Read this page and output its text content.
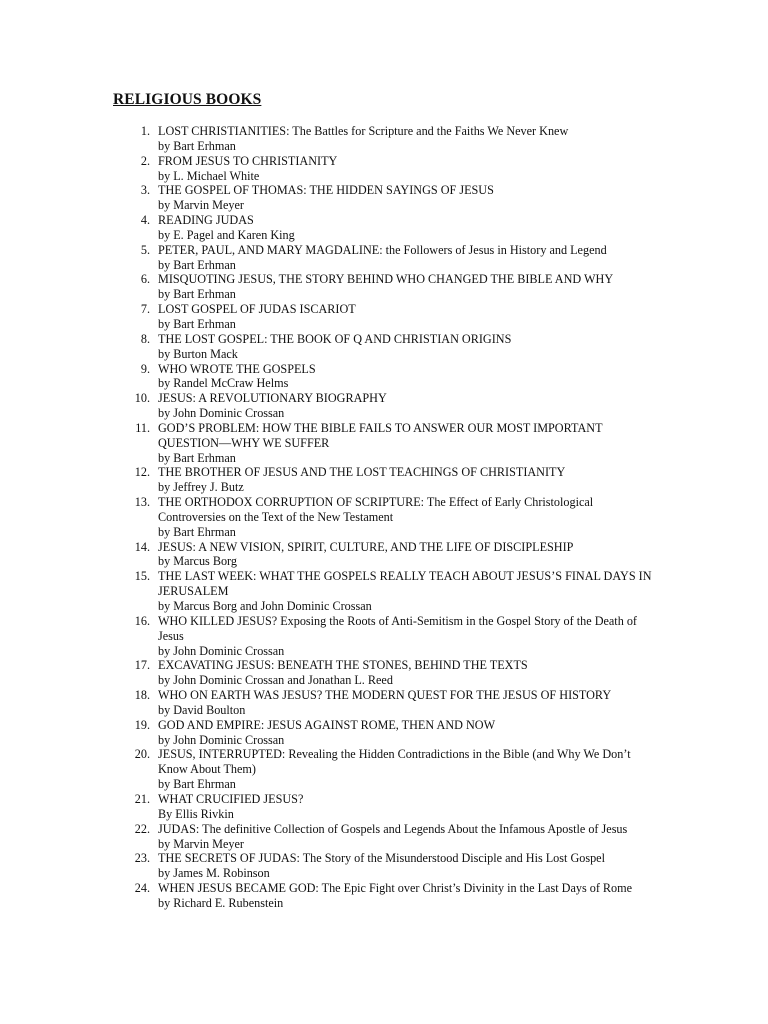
RELIGIOUS BOOKS
1. LOST CHRISTIANITIES: The Battles for Scripture and the Faiths We Never Knew
by Bart Erhman
2. FROM JESUS TO CHRISTIANITY
by L. Michael White
3. THE GOSPEL OF THOMAS: THE HIDDEN SAYINGS OF JESUS
by Marvin Meyer
4. READING JUDAS
by E. Pagel and Karen King
5. PETER, PAUL, AND MARY MAGDALINE: the Followers of Jesus in History and Legend
by Bart Erhman
6. MISQUOTING JESUS, THE STORY BEHIND WHO CHANGED THE BIBLE AND WHY
by Bart Erhman
7. LOST GOSPEL OF JUDAS ISCARIOT
by Bart Erhman
8. THE LOST GOSPEL: THE BOOK OF Q AND CHRISTIAN ORIGINS
by Burton Mack
9. WHO WROTE THE GOSPELS
by Randel McCraw Helms
10. JESUS: A REVOLUTIONARY BIOGRAPHY
by John Dominic Crossan
11. GOD’S PROBLEM: HOW THE BIBLE FAILS TO ANSWER OUR MOST IMPORTANT QUESTION—WHY WE SUFFER
by Bart Erhman
12. THE BROTHER OF JESUS AND THE LOST TEACHINGS OF CHRISTIANITY
by Jeffrey J. Butz
13. THE ORTHODOX CORRUPTION OF SCRIPTURE: The Effect of Early Christological Controversies on the Text of the New Testament
by Bart Ehrman
14. JESUS: A NEW VISION, SPIRIT, CULTURE, AND THE LIFE OF DISCIPLESHIP
by Marcus Borg
15. THE LAST WEEK: WHAT THE GOSPELS REALLY TEACH ABOUT JESUS’S FINAL DAYS IN JERUSALEM
by Marcus Borg and John Dominic Crossan
16. WHO KILLED JESUS? Exposing the Roots of Anti-Semitism in the Gospel Story of the Death of Jesus
by John Dominic Crossan
17. EXCAVATING JESUS: BENEATH THE STONES, BEHIND THE TEXTS
by John Dominic Crossan and Jonathan L. Reed
18. WHO ON EARTH WAS JESUS? THE MODERN QUEST FOR THE JESUS OF HISTORY
by David Boulton
19. GOD AND EMPIRE: JESUS AGAINST ROME, THEN AND NOW
by John Dominic Crossan
20. JESUS, INTERRUPTED: Revealing the Hidden Contradictions in the Bible (and Why We Don’t Know About Them)
by Bart Ehrman
21. WHAT CRUCIFIED JESUS?
By Ellis Rivkin
22. JUDAS: The definitive Collection of Gospels and Legends About the Infamous Apostle of Jesus
by Marvin Meyer
23. THE SECRETS OF JUDAS: The Story of the Misunderstood Disciple and His Lost Gospel
by James M. Robinson
24. WHEN JESUS BECAME GOD: The Epic Fight over Christ’s Divinity in the Last Days of Rome
by Richard E. Rubenstein
